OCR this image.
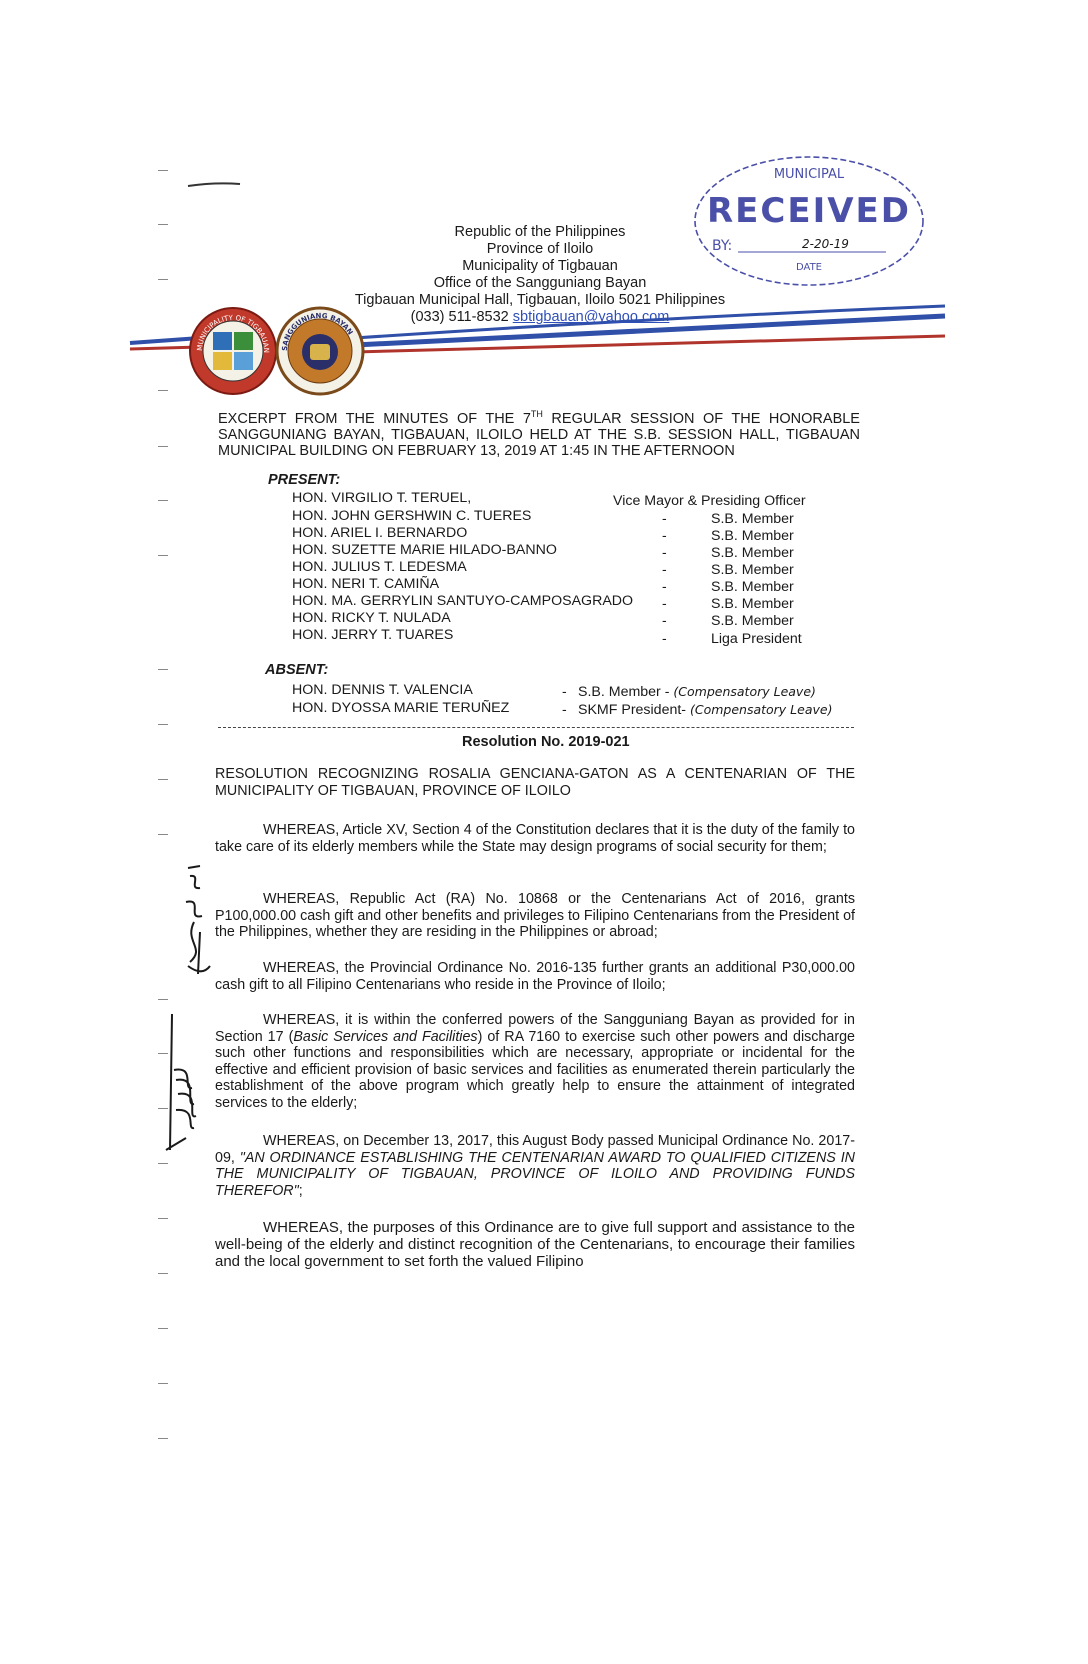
MUNICIPALITY OF TIGBAUAN SANGGUNIANG BAYAN
MUNICIPAL
RECEIVED
BY:	2-20-19
DATE
Republic of the Philippines
Province of Iloilo
Municipality of Tigbauan
Office of the Sangguniang Bayan
Tigbauan Municipal Hall, Tigbauan, Iloilo 5021 Philippines
(033) 511-8532 sbtigbauan@yahoo.com
EXCERPT FROM THE MINUTES OF THE 7TH REGULAR SESSION OF THE HONORABLE SANGGUNIANG BAYAN, TIGBAUAN, ILOILO HELD AT THE S.B. SESSION HALL, TIGBAUAN MUNICIPAL BUILDING ON FEBRUARY 13, 2019 AT 1:45 IN THE AFTERNOON
PRESENT:
HON. VIRGILIO T. TERUEL,	Vice Mayor & Presiding Officer
HON. JOHN GERSHWIN C. TUERES	-	S.B. Member
HON. ARIEL I. BERNARDO	-	S.B. Member
HON. SUZETTE MARIE HILADO-BANNO	-	S.B. Member
HON. JULIUS T. LEDESMA	-	S.B. Member
HON. NERI T. CAMIÑA	-	S.B. Member
HON. MA. GERRYLIN SANTUYO-CAMPOSAGRADO -	S.B. Member
HON. RICKY T. NULADA	-	S.B. Member
HON. JERRY T. TUARES	-	Liga President
ABSENT:
HON. DENNIS T. VALENCIA	- S.B. Member - (Compensatory Leave)
HON. DYOSSA MARIE TERUÑEZ	- SKMF President- (Compensatory Leave)
Resolution No. 2019-021
RESOLUTION RECOGNIZING ROSALIA GENCIANA-GATON AS A CENTENARIAN OF THE MUNICIPALITY OF TIGBAUAN, PROVINCE OF ILOILO
WHEREAS, Article XV, Section 4 of the Constitution declares that it is the duty of the family to take care of its elderly members while the State may design programs of social security for them;
WHEREAS, Republic Act (RA) No. 10868 or the Centenarians Act of 2016, grants P100,000.00 cash gift and other benefits and privileges to Filipino Centenarians from the President of the Philippines, whether they are residing in the Philippines or abroad;
WHEREAS, the Provincial Ordinance No. 2016-135 further grants an additional P30,000.00 cash gift to all Filipino Centenarians who reside in the Province of Iloilo;
WHEREAS, it is within the conferred powers of the Sangguniang Bayan as provided for in Section 17 (Basic Services and Facilities) of RA 7160 to exercise such other powers and discharge such other functions and responsibilities which are necessary, appropriate or incidental for the effective and efficient provision of basic services and facilities as enumerated therein particularly the establishment of the above program which greatly help to ensure the attainment of integrated services to the elderly;
WHEREAS, on December 13, 2017, this August Body passed Municipal Ordinance No. 2017-09, "AN ORDINANCE ESTABLISHING THE CENTENARIAN AWARD TO QUALIFIED CITIZENS IN THE MUNICIPALITY OF TIGBAUAN, PROVINCE OF ILOILO AND PROVIDING FUNDS THEREFOR";
WHEREAS, the purposes of this Ordinance are to give full support and assistance to the well-being of the elderly and distinct recognition of the Centenarians, to encourage their families and the local government to set forth the valued Filipino
